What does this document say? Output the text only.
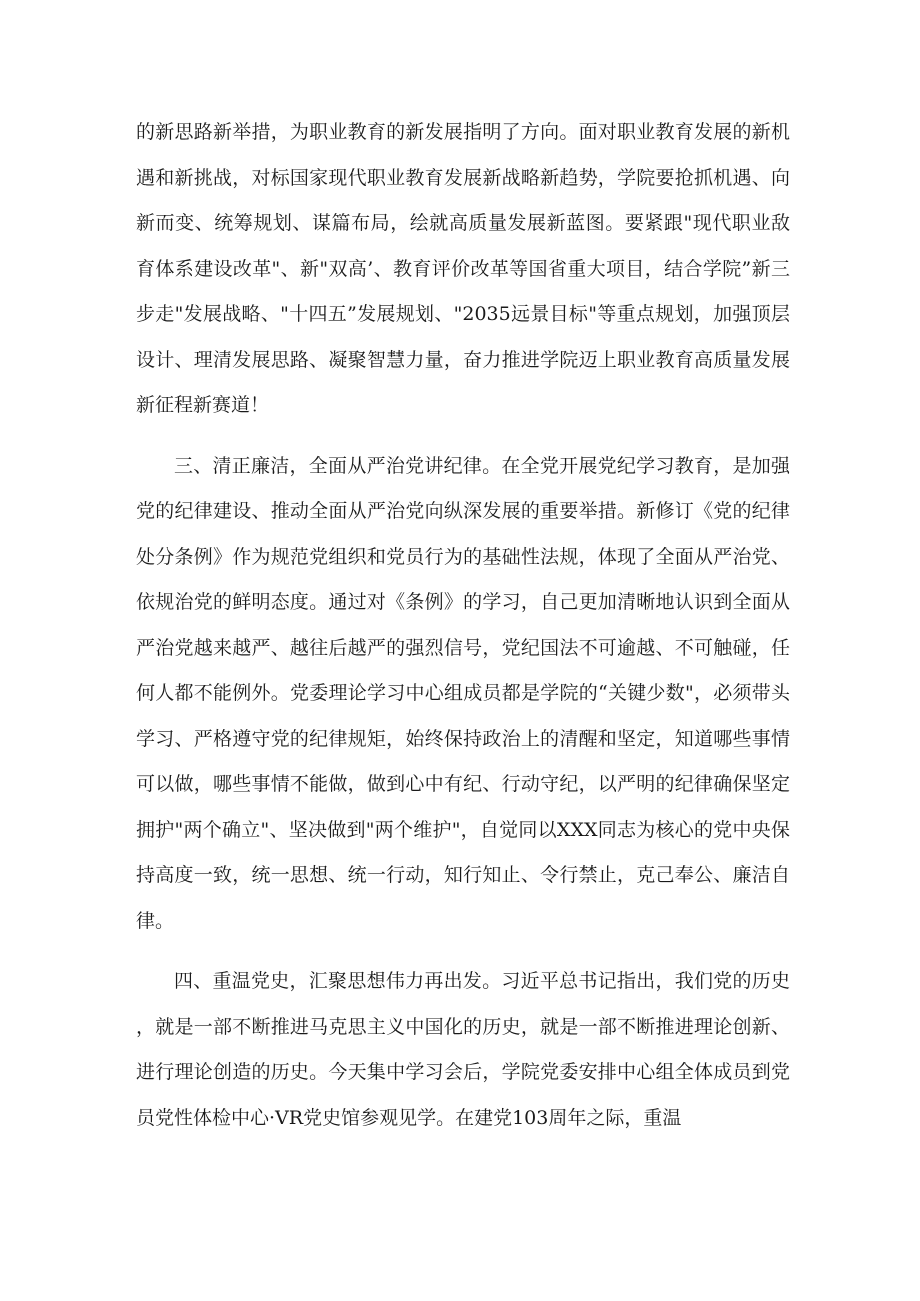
的新思路新举措，为职业教育的新发展指明了方向。面对职业教育发展的新机遇和新挑战，对标国家现代职业教育发展新战略新趋势，学院要抢抓机遇、向新而变、统筹规划、谋篇布局，绘就高质量发展新蓝图。要紧跟"现代职业敌育体系建设改革"、新"双高’、教育评价改革等国省重大项目，结合学院”新三步走"发展战略、"十四五”发展规划、"2035远景目标"等重点规划，加强顶层设计、理清发展思路、凝聚智慧力量，奋力推进学院迈上职业教育高质量发展新征程新赛道！

三、清正廉洁，全面从严治党讲纪律。在全党开展党纪学习教育，是加强党的纪律建设、推动全面从严治党向纵深发展的重要举措。新修订《党的纪律处分条例》作为规范党组织和党员行为的基础性法规，体现了全面从严治党、依规治党的鲜明态度。通过对《条例》的学习，自己更加清晰地认识到全面从严治党越来越严、越往后越严的强烈信号，党纪国法不可逾越、不可触碰，任何人都不能例外。党委理论学习中心组成员都是学院的“关键少数"，必须带头学习、严格遵守党的纪律规矩，始终保持政治上的清醒和坚定，知道哪些事情可以做，哪些事情不能做，做到心中有纪、行动守纪，以严明的纪律确保坚定拥护"两个确立"、坚决做到"两个维护"，自觉同以XXX同志为核心的党中央保持高度一致，统一思想、统一行动，知行知止、令行禁止，克己奉公、廉洁自律。

四、重温党史，汇聚思想伟力再出发。习近平总书记指出，我们党的历史，就是一部不断推进马克思主义中国化的历史，就是一部不断推进理论创新、进行理论创造的历史。今天集中学习会后，学院党委安排中心组全体成员到党员党性体检中心·VR党史馆参观见学。在建党103周年之际，重温
